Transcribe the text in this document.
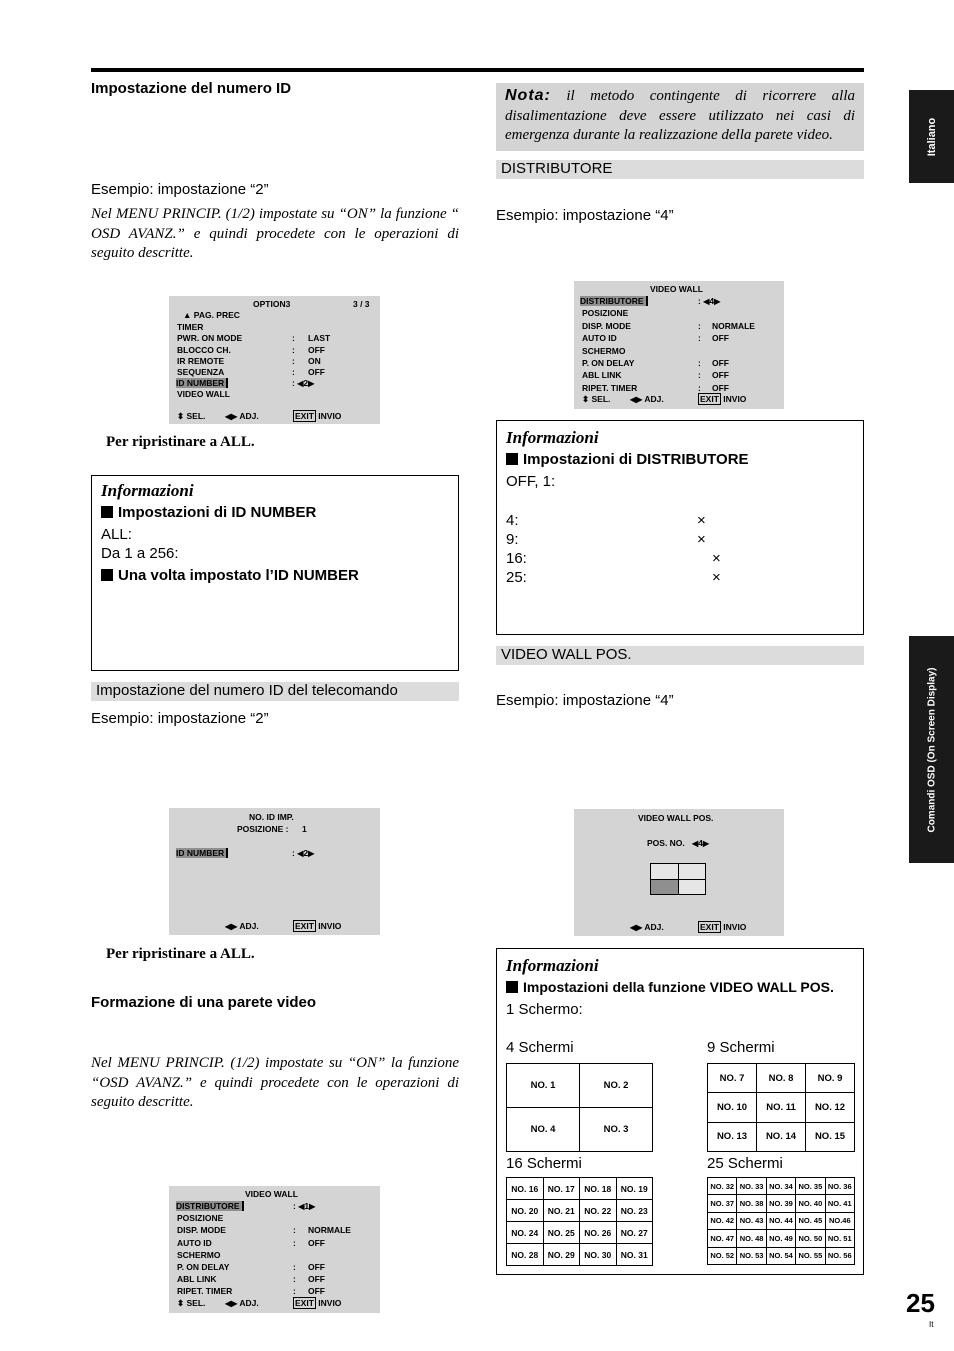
Italiano
Comandi OSD (On Screen Display)
25
It
Impostazione del numero ID
Esempio: impostazione “2”
Nel MENU PRINCIP. (1/2) impostate su “ON” la funzione “ OSD AVANZ.” e quindi procedete con le operazioni di seguito descritte.
OPTION3	3 / 3
▲ PAG. PREC
TIMER
PWR. ON MODE	: LAST
BLOCCO CH.	: OFF
IR REMOTE	: ON
SEQUENZA	: OFF
ID NUMBER	: ◀2▶
VIDEO WALL
⬍ SEL. ◀▶ ADJ.	EXIT INVIO
Per ripristinare a ALL.
Informazioni
Impostazioni di ID NUMBER
ALL:
Da 1 a 256:
Una volta impostato l’ID NUMBER
Impostazione del numero ID del telecomando
Esempio: impostazione “2”
NO. ID IMP.
POSIZIONE : 1
ID NUMBER	: ◀2▶
◀▶ ADJ.	EXIT INVIO
Per ripristinare a ALL.
Formazione di una parete video
Nel MENU PRINCIP. (1/2) impostate su “ON” la funzione “OSD AVANZ.” e quindi procedete con le operazioni di seguito descritte.
VIDEO WALL
DISTRIBUTORE	: ◀1▶
POSIZIONE
DISP. MODE	: NORMALE
AUTO ID	: OFF
SCHERMO
P. ON DELAY	: OFF
ABL LINK	: OFF
RIPET. TIMER	: OFF
⬍ SEL. ◀▶ ADJ.	EXIT INVIO
Nota: il metodo contingente di ricorrere alla disalimentazione deve essere utilizzato nei casi di emergenza durante la realizzazione della parete video.
DISTRIBUTORE
Esempio: impostazione “4”
VIDEO WALL
DISTRIBUTORE	: ◀4▶
POSIZIONE
DISP. MODE	: NORMALE
AUTO ID	: OFF
SCHERMO
P. ON DELAY	: OFF
ABL LINK	: OFF
RIPET. TIMER	: OFF
⬍ SEL. ◀▶ ADJ.	EXIT INVIO
Informazioni
Impostazioni di DISTRIBUTORE
OFF, 1:
4:	×
9:	×
16:	×
25:	×
VIDEO WALL POS.
Esempio: impostazione “4”
VIDEO WALL POS.
POS. NO. ◀4▶
◀▶ ADJ.	EXIT INVIO
Informazioni
Impostazioni della funzione VIDEO WALL POS.
1 Schermo:
4 Schermi	9 Schermi
16 Schermi	25 Schermi
NO. 1	NO. 2
NO. 4	NO. 3
NO. 7	NO. 8	NO. 9
NO. 10	NO. 11	NO. 12
NO. 13	NO. 14	NO. 15
NO. 16	NO. 17	NO. 18	NO. 19
NO. 20	NO. 21	NO. 22	NO. 23
NO. 24	NO. 25	NO. 26	NO. 27
NO. 28	NO. 29	NO. 30	NO. 31
NO. 32	NO. 33	NO. 34	NO. 35	NO. 36
NO. 37	NO. 38	NO. 39	NO. 40	NO. 41
NO. 42	NO. 43	NO. 44	NO. 45	NO.46
NO. 47	NO. 48	NO. 49	NO. 50	NO. 51
NO. 52	NO. 53	NO. 54	NO. 55	NO. 56
